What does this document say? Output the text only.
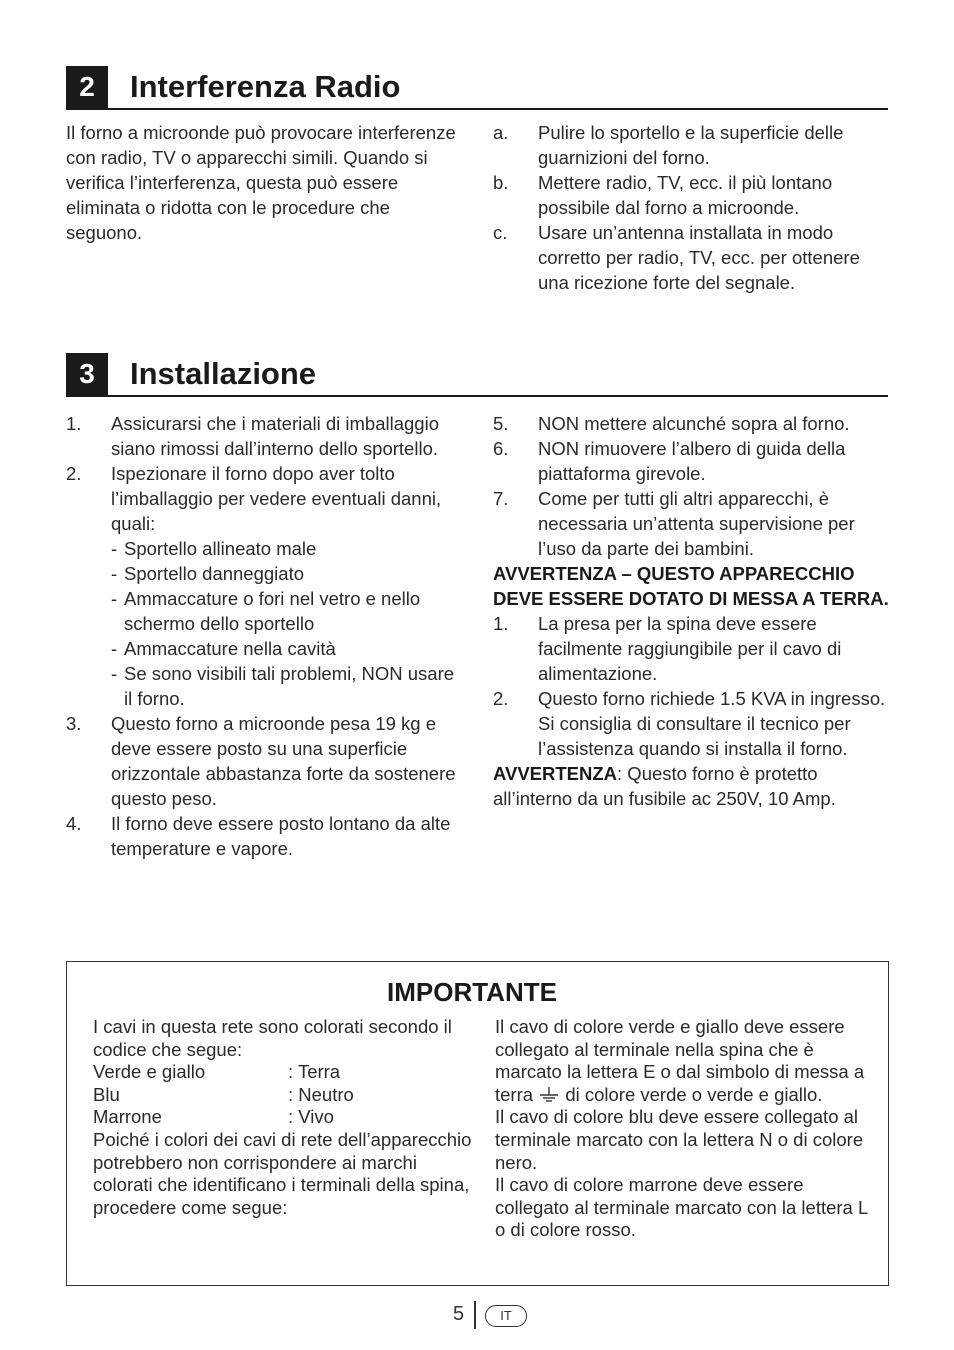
2	Interferenza Radio

Il forno a microonde può provocare interferenze con radio, TV o apparecchi simili. Quando si verifica l’interferenza, questa può essere eliminata o ridotta con le procedure che seguono.

a. Pulire lo sportello e la superficie delle guarnizioni del forno.
b. Mettere radio, TV, ecc. il più lontano possibile dal forno a microonde.
c. Usare un’antenna installata in modo corretto per radio, TV, ecc. per ottenere una ricezione forte del segnale.
3	Installazione
1. Assicurarsi che i materiali di imballaggio siano rimossi dall’interno dello sportello.
2. Ispezionare il forno dopo aver tolto l’imballaggio per vedere eventuali danni, quali:
- Sportello allineato male
- Sportello danneggiato
- Ammaccature o fori nel vetro e nello schermo dello sportello
- Ammaccature nella cavità
- Se sono visibili tali problemi, NON usare il forno.
3. Questo forno a microonde pesa 19 kg e deve essere posto su una superficie orizzontale abbastanza forte da sostenere questo peso.
4. Il forno deve essere posto lontano da alte temperature e vapore.
5. NON mettere alcunché sopra al forno.
6. NON rimuovere l’albero di guida della piattaforma girevole.
7. Come per tutti gli altri apparecchi, è necessaria un’attenta supervisione per l’uso da parte dei bambini.

AVVERTENZA – QUESTO APPARECCHIO DEVE ESSERE DOTATO DI MESSA A TERRA.

1. La presa per la spina deve essere facilmente raggiungibile per il cavo di alimentazione.
2. Questo forno richiede 1.5 KVA in ingresso. Si consiglia di consultare il tecnico per l’assistenza quando si installa il forno.

AVVERTENZA: Questo forno è protetto all’interno da un fusibile ac 250V, 10 Amp.

IMPORTANTE
I cavi in questa rete sono colorati secondo il codice che segue:
Verde e giallo	: Terra
Blu	: Neutro
Marrone	: Vivo
Poiché i colori dei cavi di rete dell’apparecchio potrebbero non corrispondere ai marchi colorati che identificano i terminali della spina, procedere come segue:
Il cavo di colore verde e giallo deve essere collegato al terminale nella spina che è marcato la lettera E o dal simbolo di messa a terra di colore verde o verde e giallo.
Il cavo di colore blu deve essere collegato al terminale marcato con la lettera N o di colore nero.
Il cavo di colore marrone deve essere collegato al terminale marcato con la lettera L o di colore rosso.
5	IT
